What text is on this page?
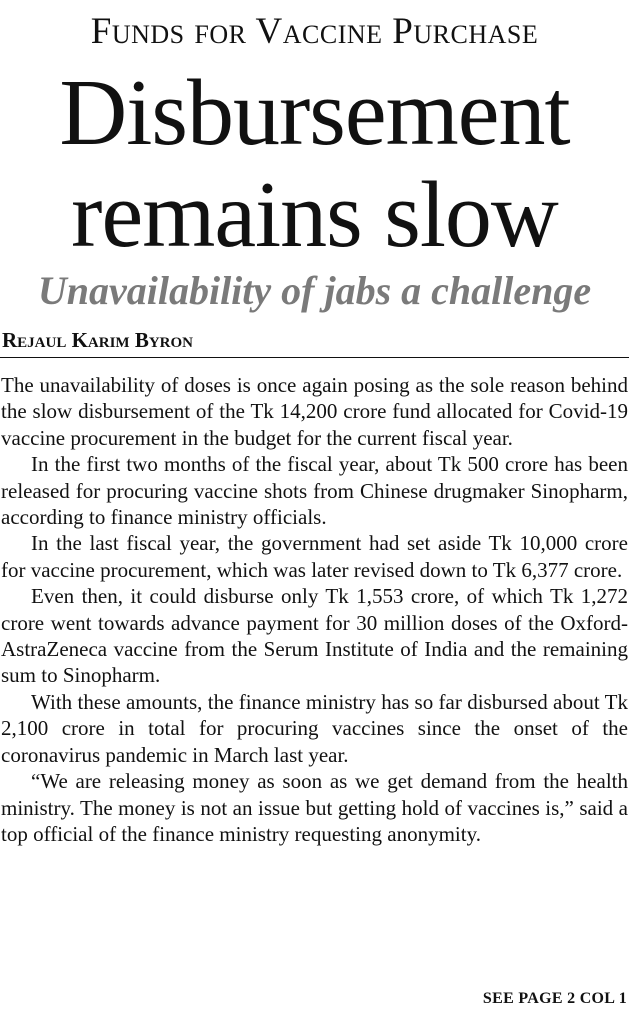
Funds for Vaccine Purchase
Disbursement
remains slow
Unavailability of jabs a challenge
Rejaul Karim Byron

The unavailability of doses is once again posing as the sole reason behind the slow disbursement of the Tk 14,200 crore fund allocated for Covid-19 vaccine procurement in the budget for the current fiscal year.

In the first two months of the fiscal year, about Tk 500 crore has been released for procuring vaccine shots from Chinese drugmaker Sinopharm, according to finance ministry officials.

In the last fiscal year, the government had set aside Tk 10,000 crore for vaccine procurement, which was later revised down to Tk 6,377 crore.

Even then, it could disburse only Tk 1,553 crore, of which Tk 1,272 crore went towards advance payment for 30 million doses of the Oxford-AstraZeneca vaccine from the Serum Institute of India and the remaining sum to Sinopharm.

With these amounts, the finance ministry has so far disbursed about Tk 2,100 crore in total for procuring vaccines since the onset of the coronavirus pandemic in March last year.

“We are releasing money as soon as we get demand from the health ministry. The money is not an issue but getting hold of vaccines is,” said a top official of the finance ministry requesting anonymity.

SEE PAGE 2 COL 1
